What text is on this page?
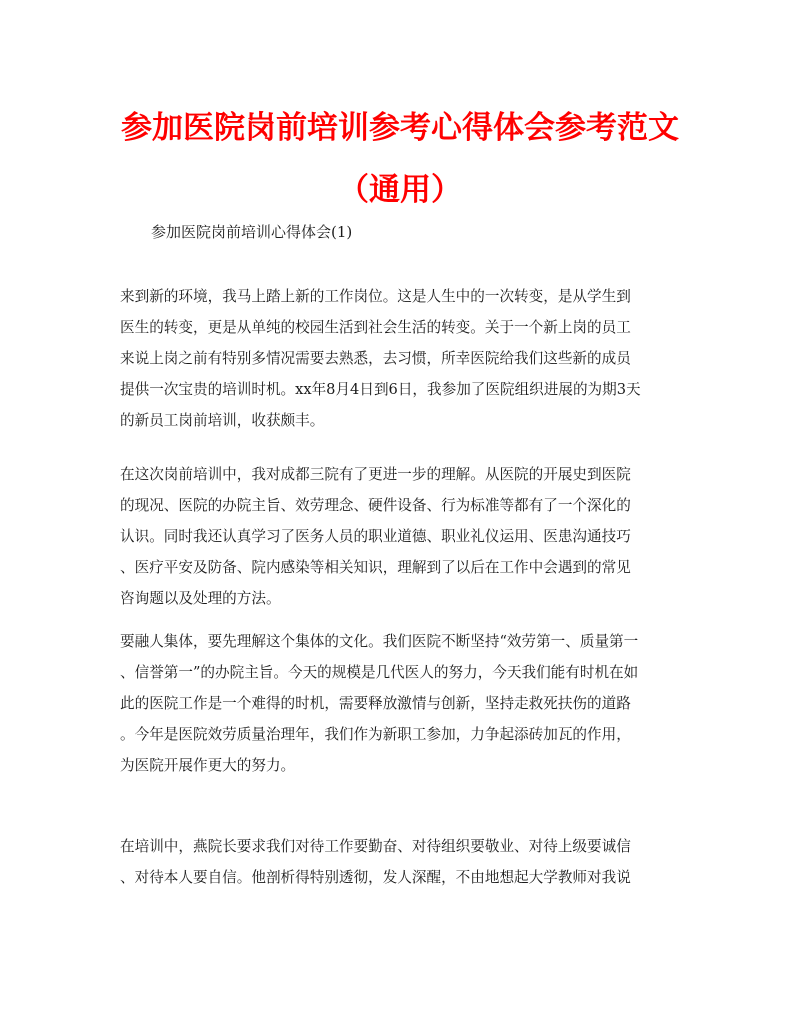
参加医院岗前培训参考心得体会参考范文
（通用）

参加医院岗前培训心得体会(1)

来到新的环境，我马上踏上新的工作岗位。这是人生中的一次转变，是从学生到
医生的转变，更是从单纯的校园生活到社会生活的转变。关于一个新上岗的员工
来说上岗之前有特别多情况需要去熟悉，去习惯，所幸医院给我们这些新的成员
提供一次宝贵的培训时机。xx年8月4日到6日，我参加了医院组织进展的为期3天
的新员工岗前培训，收获颇丰。

在这次岗前培训中，我对成都三院有了更进一步的理解。从医院的开展史到医院
的现况、医院的办院主旨、效劳理念、硬件设备、行为标准等都有了一个深化的
认识。同时我还认真学习了医务人员的职业道德、职业礼仪运用、医患沟通技巧
、医疗平安及防备、院内感染等相关知识，理解到了以后在工作中会遇到的常见
咨询题以及处理的方法。

要融人集体，要先理解这个集体的文化。我们医院不断坚持“效劳第一、质量第一
、信誉第一”的办院主旨。今天的规模是几代医人的努力，今天我们能有时机在如
此的医院工作是一个难得的时机，需要释放激情与创新，坚持走救死扶伤的道路
。今年是医院效劳质量治理年，我们作为新职工参加，力争起添砖加瓦的作用，
为医院开展作更大的努力。

在培训中，燕院长要求我们对待工作要勤奋、对待组织要敬业、对待上级要诚信
、对待本人要自信。他剖析得特别透彻，发人深醒，不由地想起大学教师对我说
